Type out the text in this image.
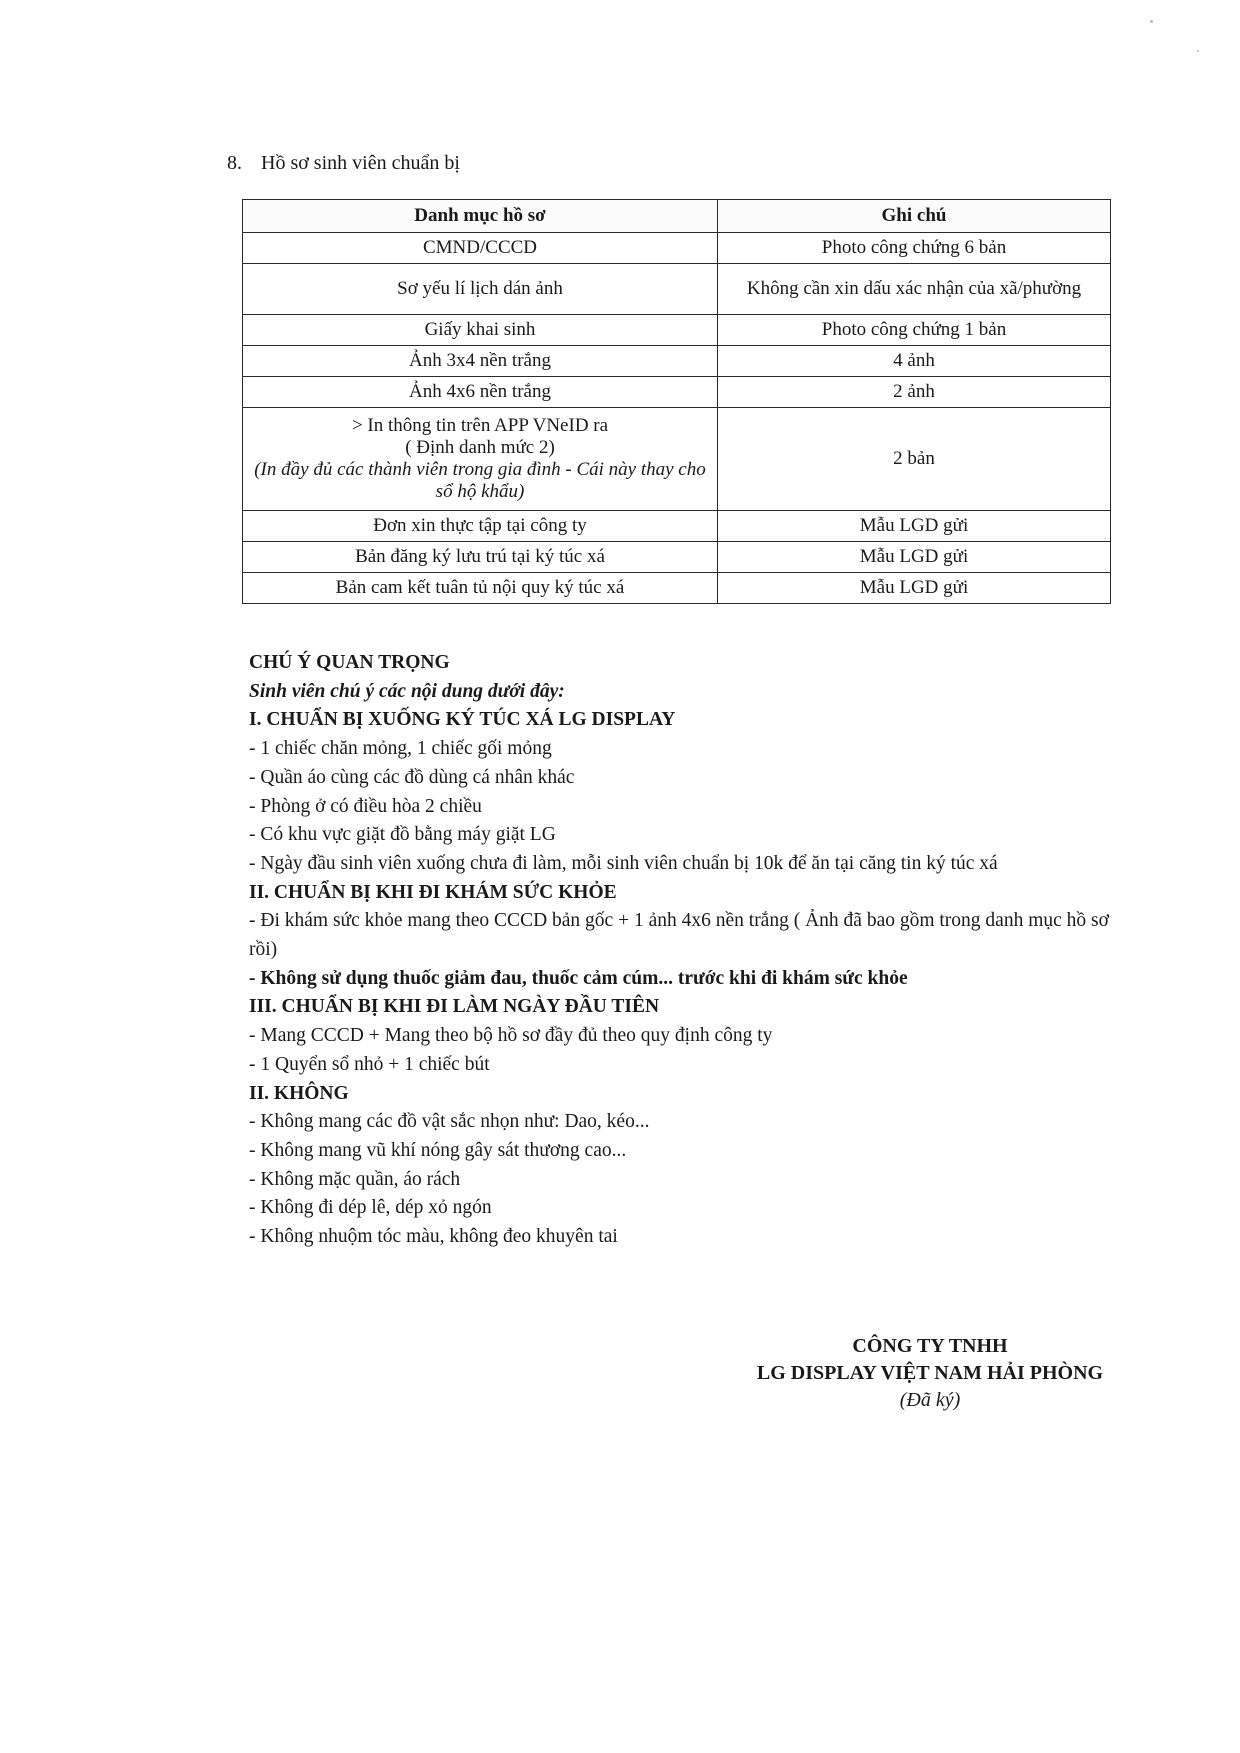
8. Hồ sơ sinh viên chuẩn bị
Danh mục hồ sơ	Ghi chú
CMND/CCCD	Photo công chứng 6 bản
Sơ yếu lí lịch dán ảnh	Không cần xin dấu xác nhận của xã/phường
Giấy khai sinh	Photo công chứng 1 bản
Ảnh 3x4 nền trắng	4 ảnh
Ảnh 4x6 nền trắng	2 ảnh

> In thông tin trên APP VNeID ra
( Định danh mức 2)
(In đầy đủ các thành viên trong gia đình - Cái này thay cho sổ hộ khẩu)	2 bản
Đơn xin thực tập tại công ty	Mẫu LGD gửi
Bản đăng ký lưu trú tại ký túc xá	Mẫu LGD gửi
Bản cam kết tuân tủ nội quy ký túc xá	Mẫu LGD gửi
CHÚ Ý QUAN TRỌNG
Sinh viên chú ý các nội dung dưới đây:
I. CHUẨN BỊ XUỐNG KÝ TÚC XÁ LG DISPLAY
- 1 chiếc chăn mỏng, 1 chiếc gối mỏng
- Quần áo cùng các đồ dùng cá nhân khác
- Phòng ở có điều hòa 2 chiều
- Có khu vực giặt đồ bằng máy giặt LG
- Ngày đầu sinh viên xuống chưa đi làm, mỗi sinh viên chuẩn bị 10k để ăn tại căng tin ký túc xá
II. CHUẨN BỊ KHI ĐI KHÁM SỨC KHỎE
- Đi khám sức khỏe mang theo CCCD bản gốc + 1 ảnh 4x6 nền trắng ( Ảnh đã bao gồm trong danh mục hồ sơ rồi)
- Không sử dụng thuốc giảm đau, thuốc cảm cúm... trước khi đi khám sức khỏe
III. CHUẨN BỊ KHI ĐI LÀM NGÀY ĐẦU TIÊN
- Mang CCCD + Mang theo bộ hồ sơ đầy đủ theo quy định công ty
- 1 Quyển sổ nhỏ + 1 chiếc bút
II. KHÔNG
- Không mang các đồ vật sắc nhọn như: Dao, kéo...
- Không mang vũ khí nóng gây sát thương cao...
- Không mặc quần, áo rách
- Không đi dép lê, dép xỏ ngón
- Không nhuộm tóc màu, không đeo khuyên tai
CÔNG TY TNHH
LG DISPLAY VIỆT NAM HẢI PHÒNG
(Đã ký)
